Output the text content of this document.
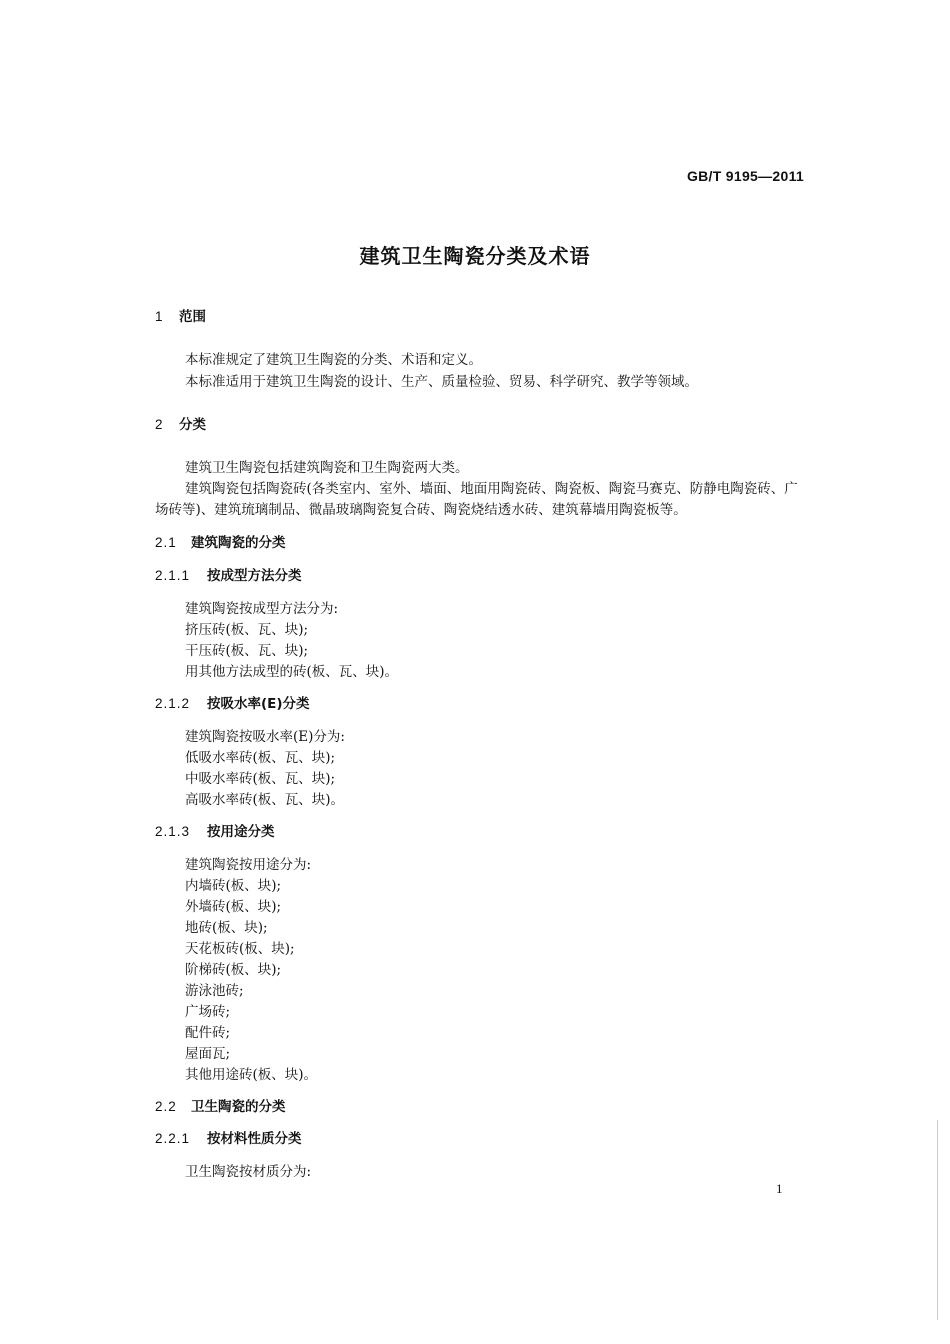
GB/T 9195—2011
建筑卫生陶瓷分类及术语
1 范围
本标准规定了建筑卫生陶瓷的分类、术语和定义。
本标准适用于建筑卫生陶瓷的设计、生产、质量检验、贸易、科学研究、教学等领域。
2 分类
建筑卫生陶瓷包括建筑陶瓷和卫生陶瓷两大类。
建筑陶瓷包括陶瓷砖(各类室内、室外、墙面、地面用陶瓷砖、陶瓷板、陶瓷马赛克、防静电陶瓷砖、广
场砖等)、建筑琉璃制品、微晶玻璃陶瓷复合砖、陶瓷烧结透水砖、建筑幕墙用陶瓷板等。
2.1 建筑陶瓷的分类
2.1.1 按成型方法分类
建筑陶瓷按成型方法分为:
挤压砖(板、瓦、块);
干压砖(板、瓦、块);
用其他方法成型的砖(板、瓦、块)。
2.1.2 按吸水率(E)分类
建筑陶瓷按吸水率(E)分为:
低吸水率砖(板、瓦、块);
中吸水率砖(板、瓦、块);
高吸水率砖(板、瓦、块)。
2.1.3 按用途分类
建筑陶瓷按用途分为:
内墙砖(板、块);
外墙砖(板、块);
地砖(板、块);
天花板砖(板、块);
阶梯砖(板、块);
游泳池砖;
广场砖;
配件砖;
屋面瓦;
其他用途砖(板、块)。
2.2 卫生陶瓷的分类
2.2.1 按材料性质分类
卫生陶瓷按材质分为:
1
